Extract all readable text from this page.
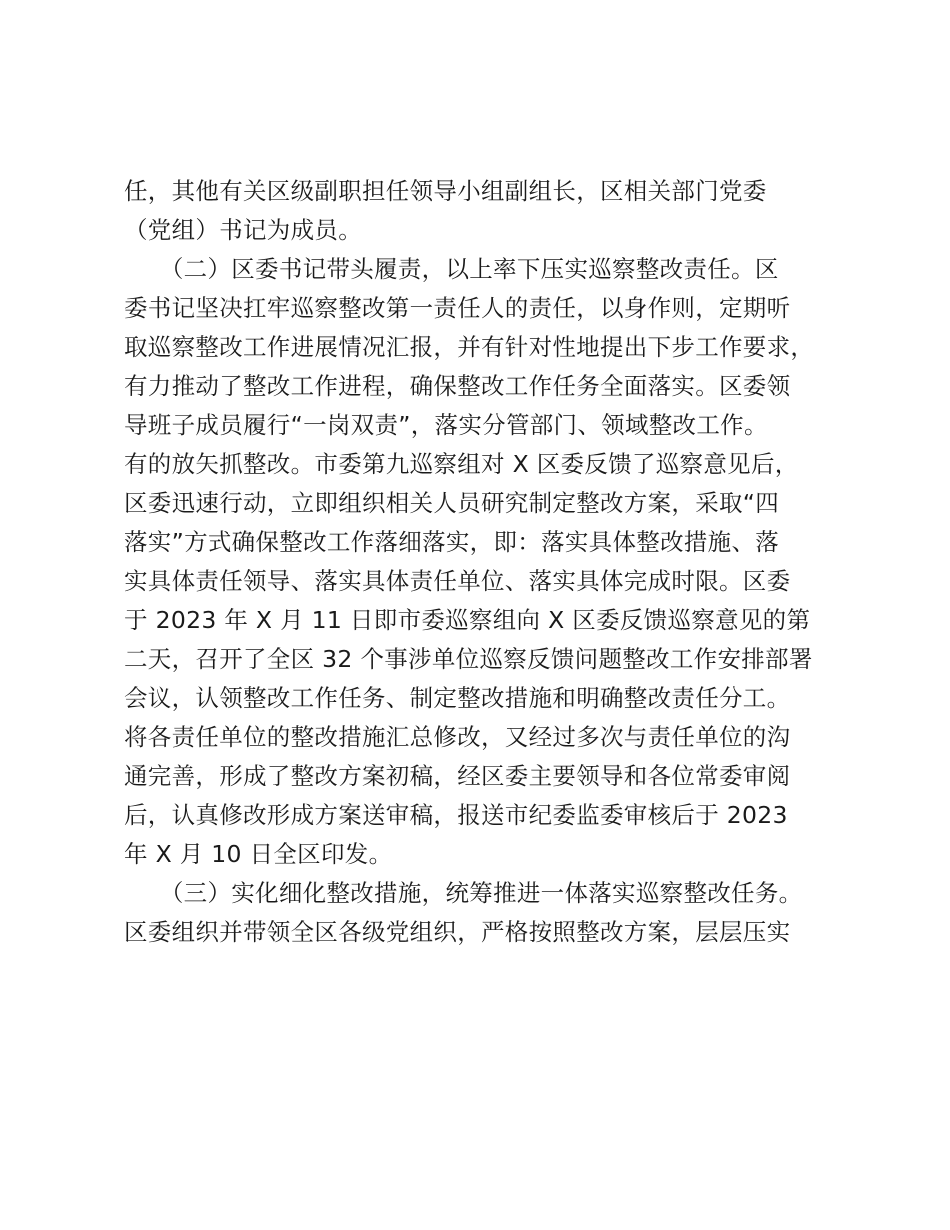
任，其他有关区级副职担任领导小组副组长，区相关部门党委
（党组）书记为成员。
　　（二）区委书记带头履责，以上率下压实巡察整改责任。区
委书记坚决扛牢巡察整改第一责任人的责任，以身作则，定期听
取巡察整改工作进展情况汇报，并有针对性地提出下步工作要求，
有力推动了整改工作进程，确保整改工作任务全面落实。区委领
导班子成员履行“一岗双责”，落实分管部门、领域整改工作。
有的放矢抓整改。市委第九巡察组对 X 区委反馈了巡察意见后，
区委迅速行动，立即组织相关人员研究制定整改方案，采取“四
落实”方式确保整改工作落细落实，即：落实具体整改措施、落
实具体责任领导、落实具体责任单位、落实具体完成时限。区委
于 2023 年 X 月 11 日即市委巡察组向 X 区委反馈巡察意见的第
二天，召开了全区 32 个事涉单位巡察反馈问题整改工作安排部署
会议，认领整改工作任务、制定整改措施和明确整改责任分工。
将各责任单位的整改措施汇总修改，又经过多次与责任单位的沟
通完善，形成了整改方案初稿，经区委主要领导和各位常委审阅
后，认真修改形成方案送审稿，报送市纪委监委审核后于 2023
年 X 月 10 日全区印发。
　　（三）实化细化整改措施，统筹推进一体落实巡察整改任务。
区委组织并带领全区各级党组织，严格按照整改方案，层层压实
